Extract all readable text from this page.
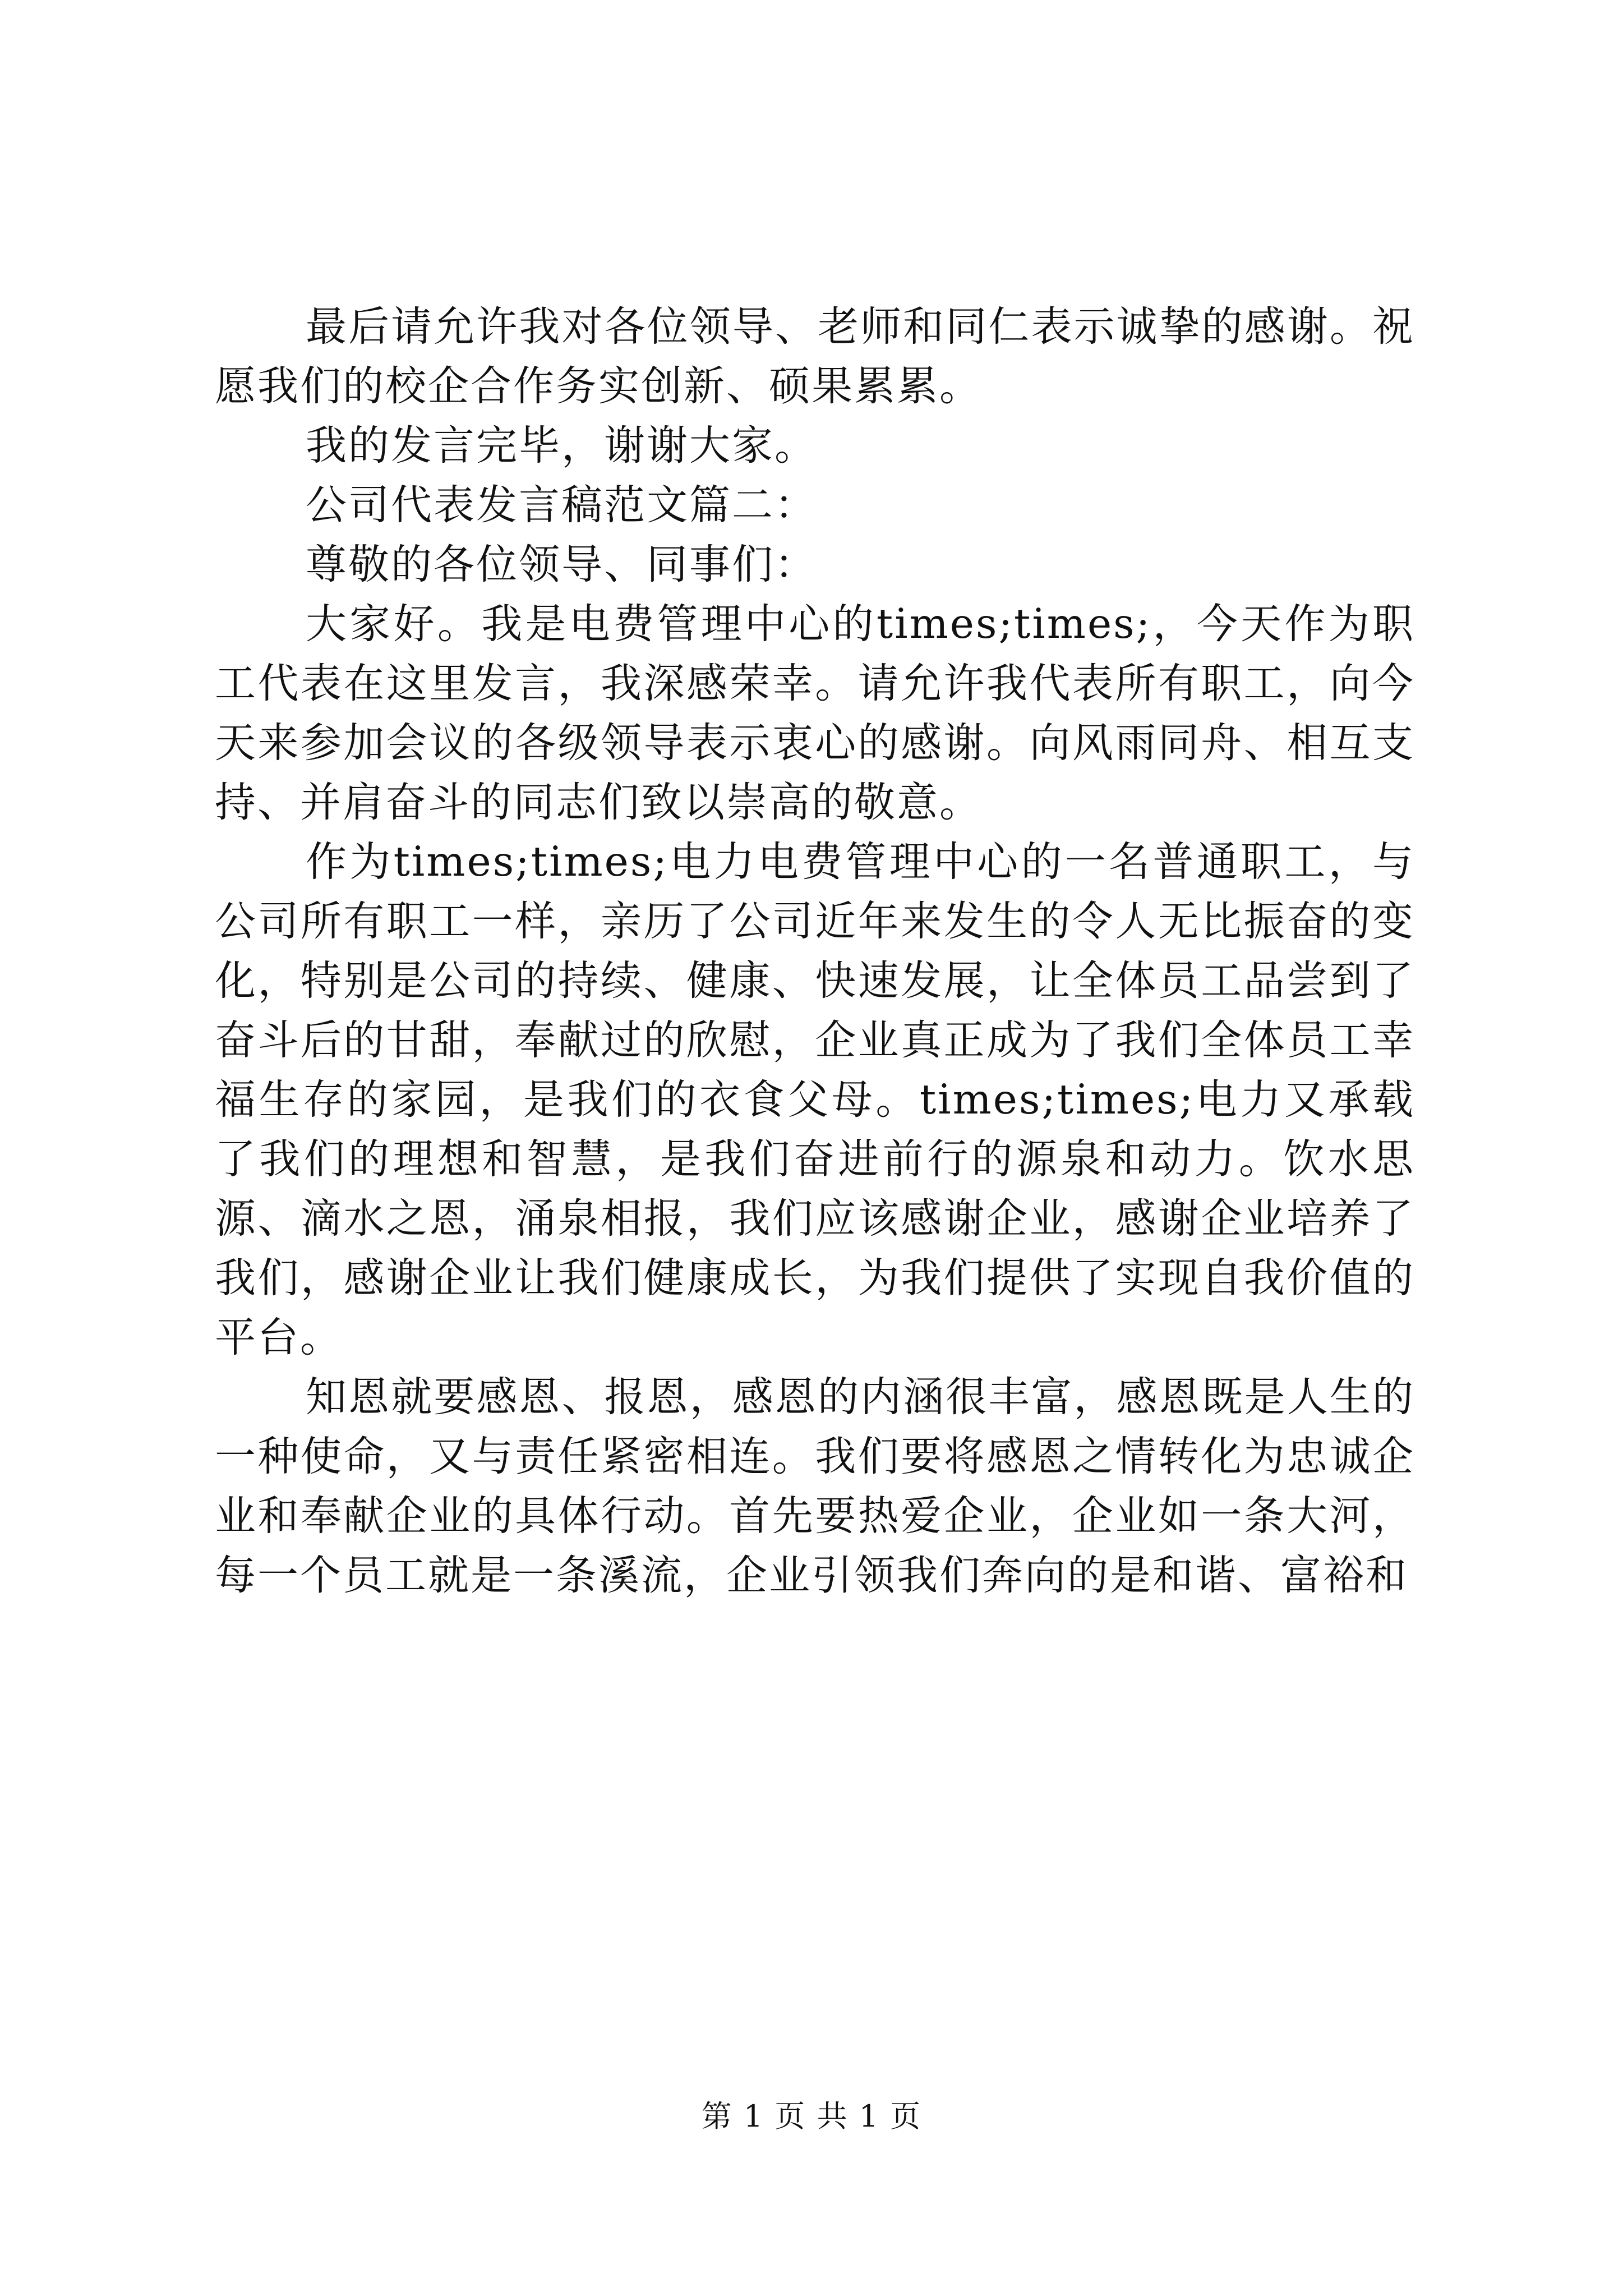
最后请允许我对各位领导、老师和同仁表示诚挚的感谢。祝愿我们的校企合作务实创新、硕果累累。

我的发言完毕，谢谢大家。

公司代表发言稿范文篇二：

尊敬的各位领导、同事们：

大家好。我是电费管理中心的times;times;，今天作为职工代表在这里发言，我深感荣幸。请允许我代表所有职工，向今天来参加会议的各级领导表示衷心的感谢。向风雨同舟、相互支持、并肩奋斗的同志们致以崇高的敬意。

作为times;times;电力电费管理中心的一名普通职工，与公司所有职工一样，亲历了公司近年来发生的令人无比振奋的变化，特别是公司的持续、健康、快速发展，让全体员工品尝到了奋斗后的甘甜，奉献过的欣慰，企业真正成为了我们全体员工幸福生存的家园，是我们的衣食父母。times;times;电力又承载了我们的理想和智慧，是我们奋进前行的源泉和动力。饮水思源、滴水之恩，涌泉相报，我们应该感谢企业，感谢企业培养了我们，感谢企业让我们健康成长，为我们提供了实现自我价值的平台。

知恩就要感恩、报恩，感恩的内涵很丰富，感恩既是人生的一种使命，又与责任紧密相连。我们要将感恩之情转化为忠诚企业和奉献企业的具体行动。首先要热爱企业，企业如一条大河，每一个员工就是一条溪流，企业引领我们奔向的是和谐、富裕和

第 1 页 共 1 页
